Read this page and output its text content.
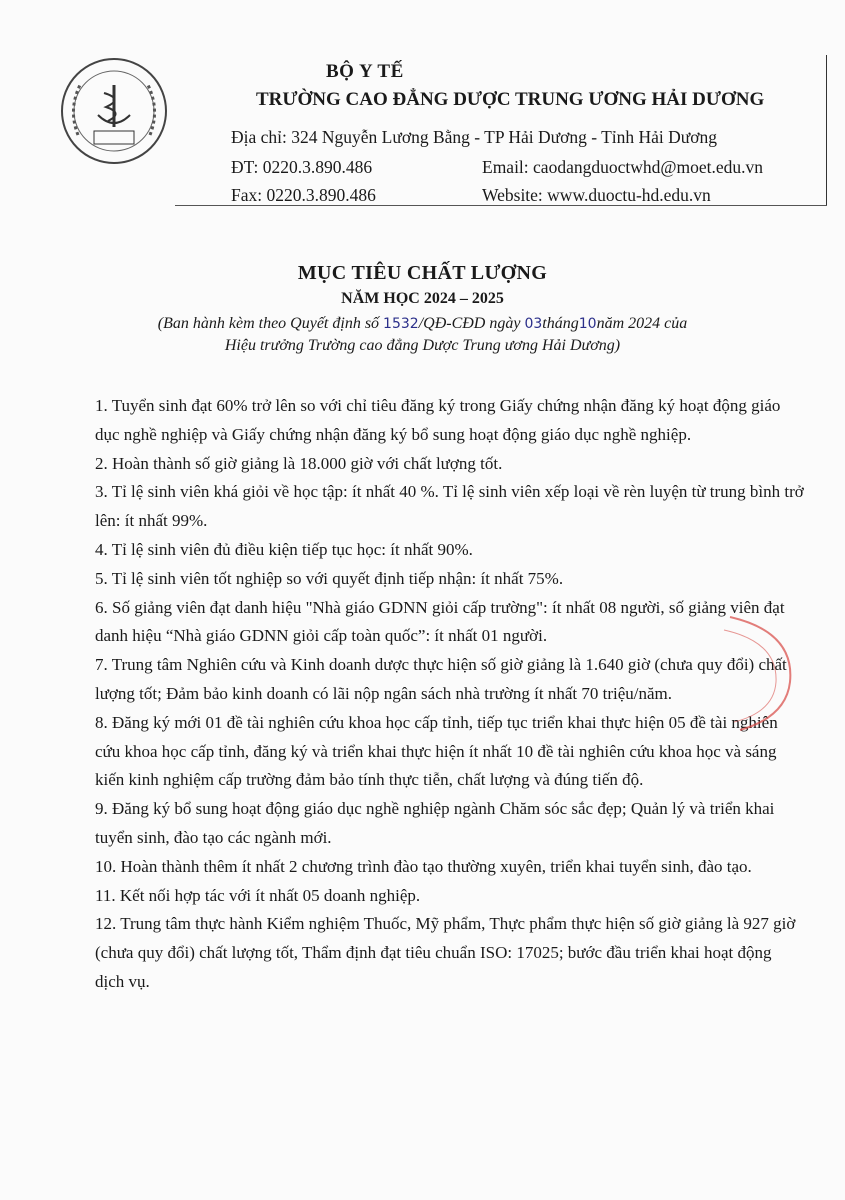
BỘ Y TẾ
TRƯỜNG CAO ĐẲNG DƯỢC TRUNG ƯƠNG HẢI DƯƠNG
Địa chỉ: 324 Nguyễn Lương Bằng - TP Hải Dương - Tỉnh Hải Dương
ĐT: 0220.3.890.486	Email: caodangduoctwhd@moet.edu.vn
Fax: 0220.3.890.486	Website: www.duoctu-hd.edu.vn
MỤC TIÊU CHẤT LƯỢNG
NĂM HỌC 2024 – 2025
(Ban hành kèm theo Quyết định số 1532/QĐ-CĐD ngày 03tháng10năm 2024 của
Hiệu trưởng Trường cao đẳng Dược Trung ương Hải Dương)
1. Tuyển sinh đạt 60% trở lên so với chỉ tiêu đăng ký trong Giấy chứng nhận đăng ký hoạt động giáo dục nghề nghiệp và Giấy chứng nhận đăng ký bổ sung hoạt động giáo dục nghề nghiệp.
2. Hoàn thành số giờ giảng là 18.000 giờ với chất lượng tốt.
3. Tỉ lệ sinh viên khá giỏi về học tập: ít nhất 40 %. Tỉ lệ sinh viên xếp loại về rèn luyện từ trung bình trở lên: ít nhất 99%.
4. Tỉ lệ sinh viên đủ điều kiện tiếp tục học: ít nhất 90%.
5. Tỉ lệ sinh viên tốt nghiệp so với quyết định tiếp nhận: ít nhất 75%.
6. Số giảng viên đạt danh hiệu "Nhà giáo GDNN giỏi cấp trường": ít nhất 08 người, số giảng viên đạt danh hiệu “Nhà giáo GDNN giỏi cấp toàn quốc”: ít nhất 01 người.
7. Trung tâm Nghiên cứu và Kinh doanh dược thực hiện số giờ giảng là 1.640 giờ (chưa quy đổi) chất lượng tốt; Đảm bảo kinh doanh có lãi nộp ngân sách nhà trường ít nhất 70 triệu/năm.
8. Đăng ký mới 01 đề tài nghiên cứu khoa học cấp tỉnh, tiếp tục triển khai thực hiện 05 đề tài nghiên cứu khoa học cấp tỉnh, đăng ký và triển khai thực hiện ít nhất 10 đề tài nghiên cứu khoa học và sáng kiến kinh nghiệm cấp trường đảm bảo tính thực tiễn, chất lượng và đúng tiến độ.
9. Đăng ký bổ sung hoạt động giáo dục nghề nghiệp ngành Chăm sóc sắc đẹp; Quản lý và triển khai tuyển sinh, đào tạo các ngành mới.
10. Hoàn thành thêm ít nhất 2 chương trình đào tạo thường xuyên, triển khai tuyển sinh, đào tạo.
11. Kết nối hợp tác với ít nhất 05 doanh nghiệp.
12. Trung tâm thực hành Kiểm nghiệm Thuốc, Mỹ phẩm, Thực phẩm thực hiện số giờ giảng là 927 giờ (chưa quy đổi) chất lượng tốt, Thẩm định đạt tiêu chuẩn ISO: 17025; bước đầu triển khai hoạt động dịch vụ.
